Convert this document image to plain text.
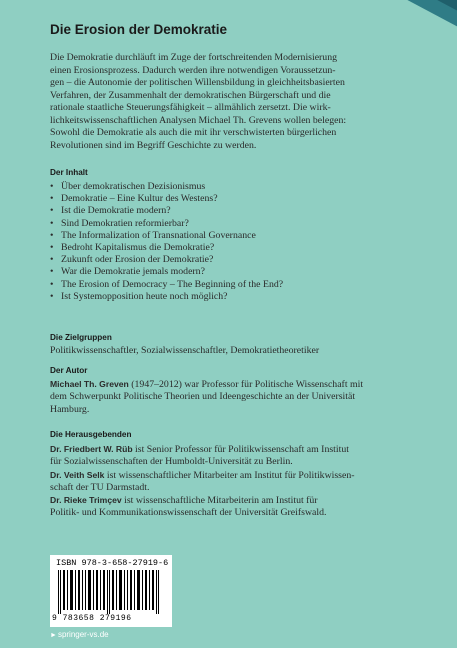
Die Erosion der Demokratie
Die Demokratie durchläuft im Zuge der fortschreitenden Modernisierung
einen Erosionsprozess. Dadurch werden ihre notwendigen Voraussetzun-
gen – die Autonomie der politischen Willensbildung in gleichheitsbasierten
Verfahren, der Zusammenhalt der demokratischen Bürgerschaft und die
rationale staatliche Steuerungsfähigkeit – allmählich zersetzt. Die wirk-
lichkeitswissenschaftlichen Analysen Michael Th. Grevens wollen belegen:
Sowohl die Demokratie als auch die mit ihr verschwisterten bürgerlichen
Revolutionen sind im Begriff Geschichte zu werden.
Der Inhalt
• Über demokratischen Dezisionismus
• Demokratie – Eine Kultur des Westens?
• Ist die Demokratie modern?
• Sind Demokratien reformierbar?
• The Informalization of Transnational Governance
• Bedroht Kapitalismus die Demokratie?
• Zukunft oder Erosion der Demokratie?
• War die Demokratie jemals modern?
• The Erosion of Democracy – The Beginning of the End?
• Ist Systemopposition heute noch möglich?
Die Zielgruppen
Politikwissenschaftler, Sozialwissenschaftler, Demokratietheoretiker
Der Autor
Michael Th. Greven (1947–2012) war Professor für Politische Wissenschaft mit
dem Schwerpunkt Politische Theorien und Ideengeschichte an der Universität
Hamburg.
Die Herausgebenden
Dr. Friedbert W. Rüb ist Senior Professor für Politikwissenschaft am Institut
für Sozialwissenschaften der Humboldt-Universität zu Berlin.
Dr. Veith Selk ist wissenschaftlicher Mitarbeiter am Institut für Politikwissen-
schaft der TU Darmstadt.
Dr. Rieke Trimçev ist wissenschaftliche Mitarbeiterin am Institut für
Politik- und Kommunikationswissenschaft der Universität Greifswald.
ISBN 978-3-658-27919-6
9 783658 279196
►springer-vs.de
